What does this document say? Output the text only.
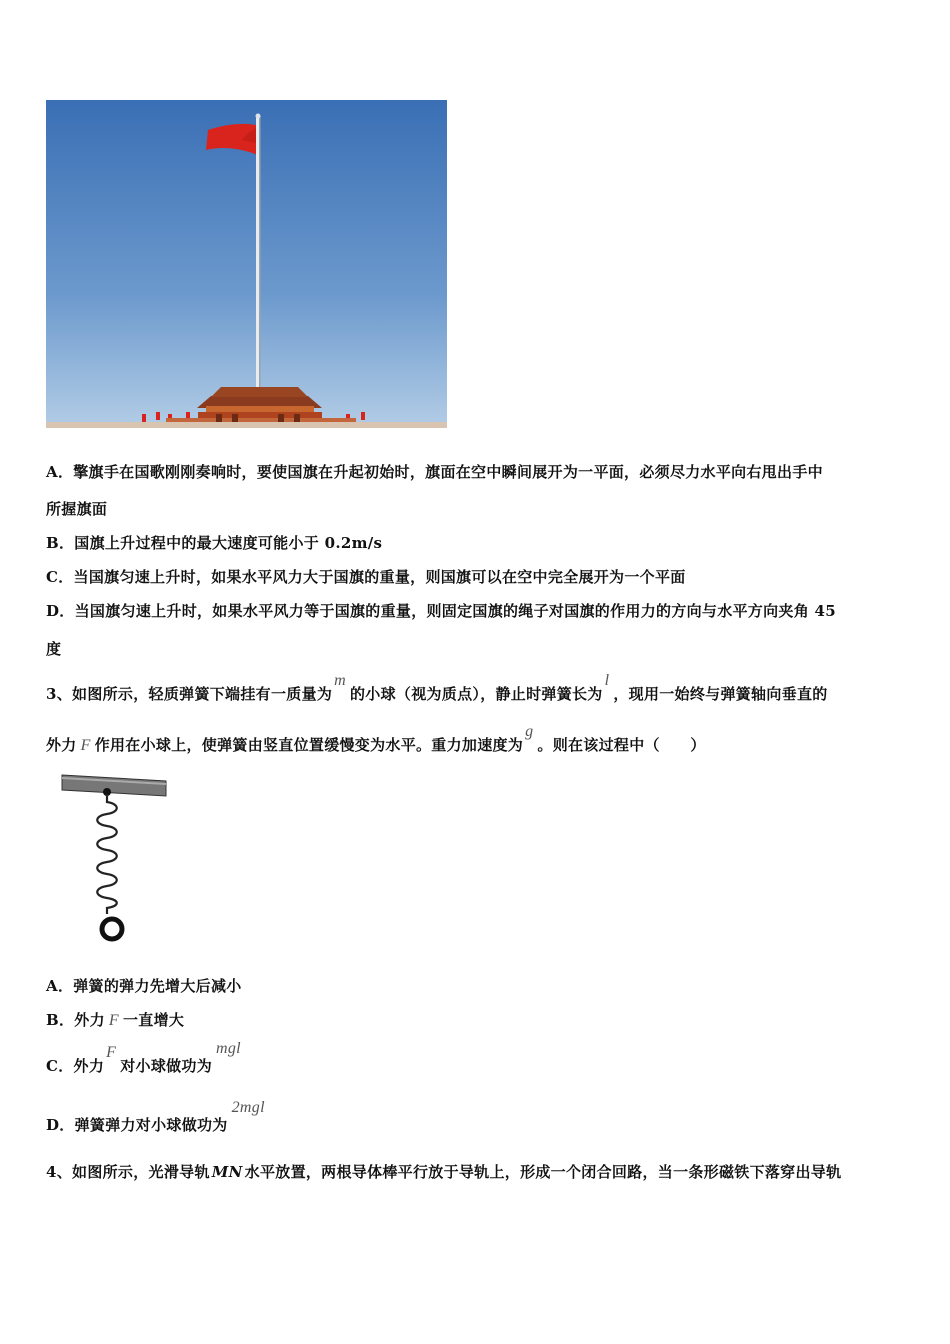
A．擎旗手在国歌刚刚奏响时，要使国旗在升起初始时，旗面在空中瞬间展开为一平面，必须尽力水平向右甩出手中
所握旗面
B．国旗上升过程中的最大速度可能小于 0.2m/s
C．当国旗匀速上升时，如果水平风力大于国旗的重量，则国旗可以在空中完全展开为一个平面
D．当国旗匀速上升时，如果水平风力等于国旗的重量，则固定国旗的绳子对国旗的作用力的方向与水平方向夹角 45
度
3、如图所示，轻质弹簧下端挂有一质量为m的小球（视为质点），静止时弹簧长为l，现用一始终与弹簧轴向垂直的
外力 F 作用在小球上，使弹簧由竖直位置缓慢变为水平。重力加速度为g。则在该过程中（　　）
A．弹簧的弹力先增大后减小
B．外力 F 一直增大
C．外力F对小球做功为mgl
D．弹簧弹力对小球做功为2mgl
4、如图所示，光滑导轨 MN 水平放置，两根导体棒平行放于导轨上，形成一个闭合回路，当一条形磁铁下落穿出导轨
